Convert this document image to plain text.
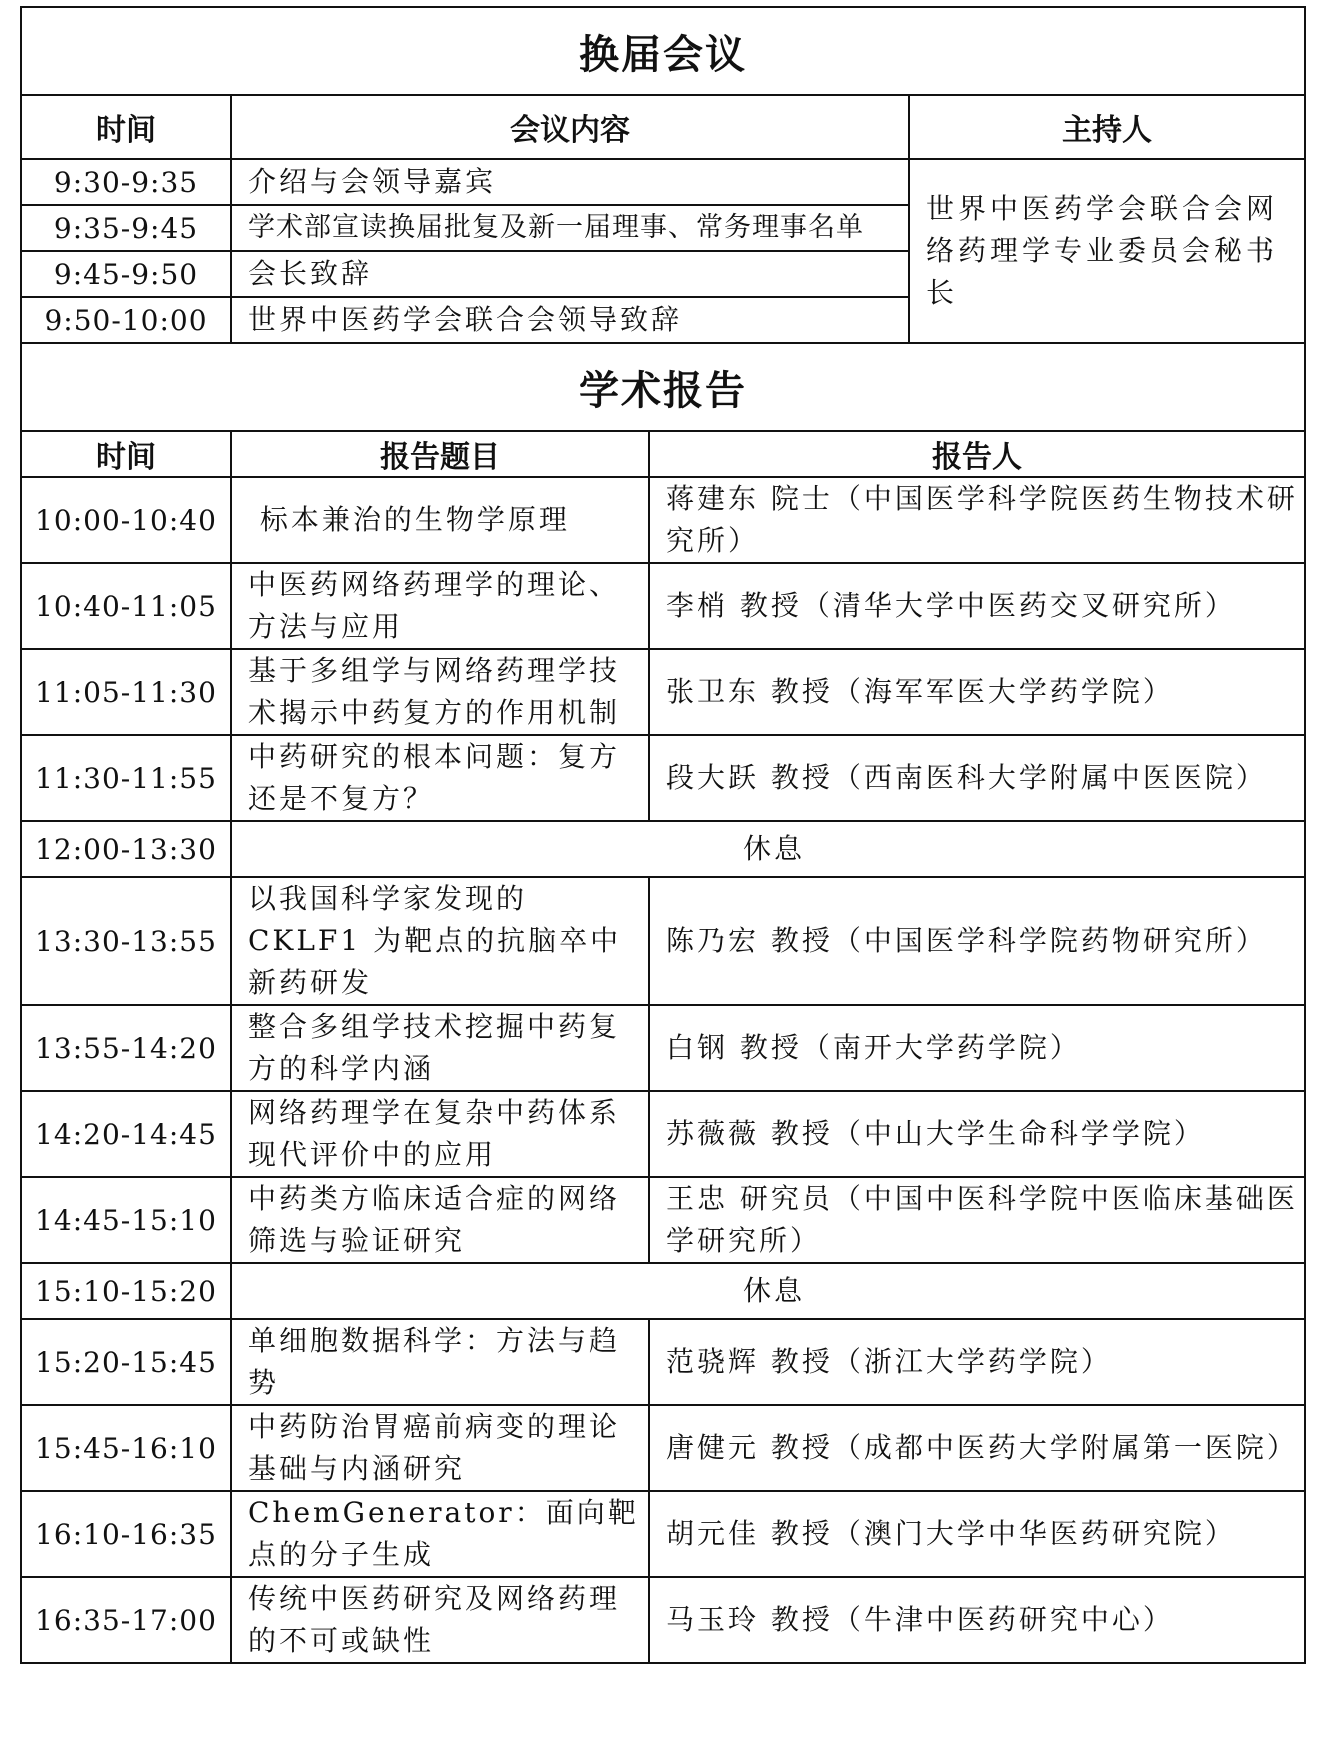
换届会议			
时间	会议内容		主持人
9:30-9:35	介绍与会领导嘉宾		世界中医药学会联合会网络药理学专业委员会秘书长
9:35-9:45	学术部宣读换届批复及新一届理事、常务理事名单		
9:45-9:50	会长致辞		
9:50-10:00	世界中医药学会联合会领导致辞		
学术报告			
时间	报告题目	报告人	
10:00-10:40	标本兼治的生物学原理	蒋建东 院士（中国医学科学院医药生物技术研究所）	
10:40-11:05	中医药网络药理学的理论、方法与应用	李梢 教授（清华大学中医药交叉研究所）	
11:05-11:30	基于多组学与网络药理学技术揭示中药复方的作用机制	张卫东 教授（海军军医大学药学院）	
11:30-11:55	中药研究的根本问题：复方还是不复方？	段大跃 教授（西南医科大学附属中医医院）	
12:00-13:30	休息		
13:30-13:55	以我国科学家发现的 CKLF1 为靶点的抗脑卒中新药研发	陈乃宏 教授（中国医学科学院药物研究所）	
13:55-14:20	整合多组学技术挖掘中药复方的科学内涵	白钢 教授（南开大学药学院）	
14:20-14:45	网络药理学在复杂中药体系现代评价中的应用	苏薇薇 教授（中山大学生命科学学院）	
14:45-15:10	中药类方临床适合症的网络筛选与验证研究	王忠 研究员（中国中医科学院中医临床基础医学研究所）	
15:10-15:20	休息		
15:20-15:45	单细胞数据科学：方法与趋势	范骁辉 教授（浙江大学药学院）	
15:45-16:10	中药防治胃癌前病变的理论基础与内涵研究	唐健元 教授（成都中医药大学附属第一医院）	
16:10-16:35	ChemGenerator：面向靶点的分子生成	胡元佳 教授（澳门大学中华医药研究院）	
16:35-17:00	传统中医药研究及网络药理的不可或缺性	马玉玲 教授（牛津中医药研究中心）	
